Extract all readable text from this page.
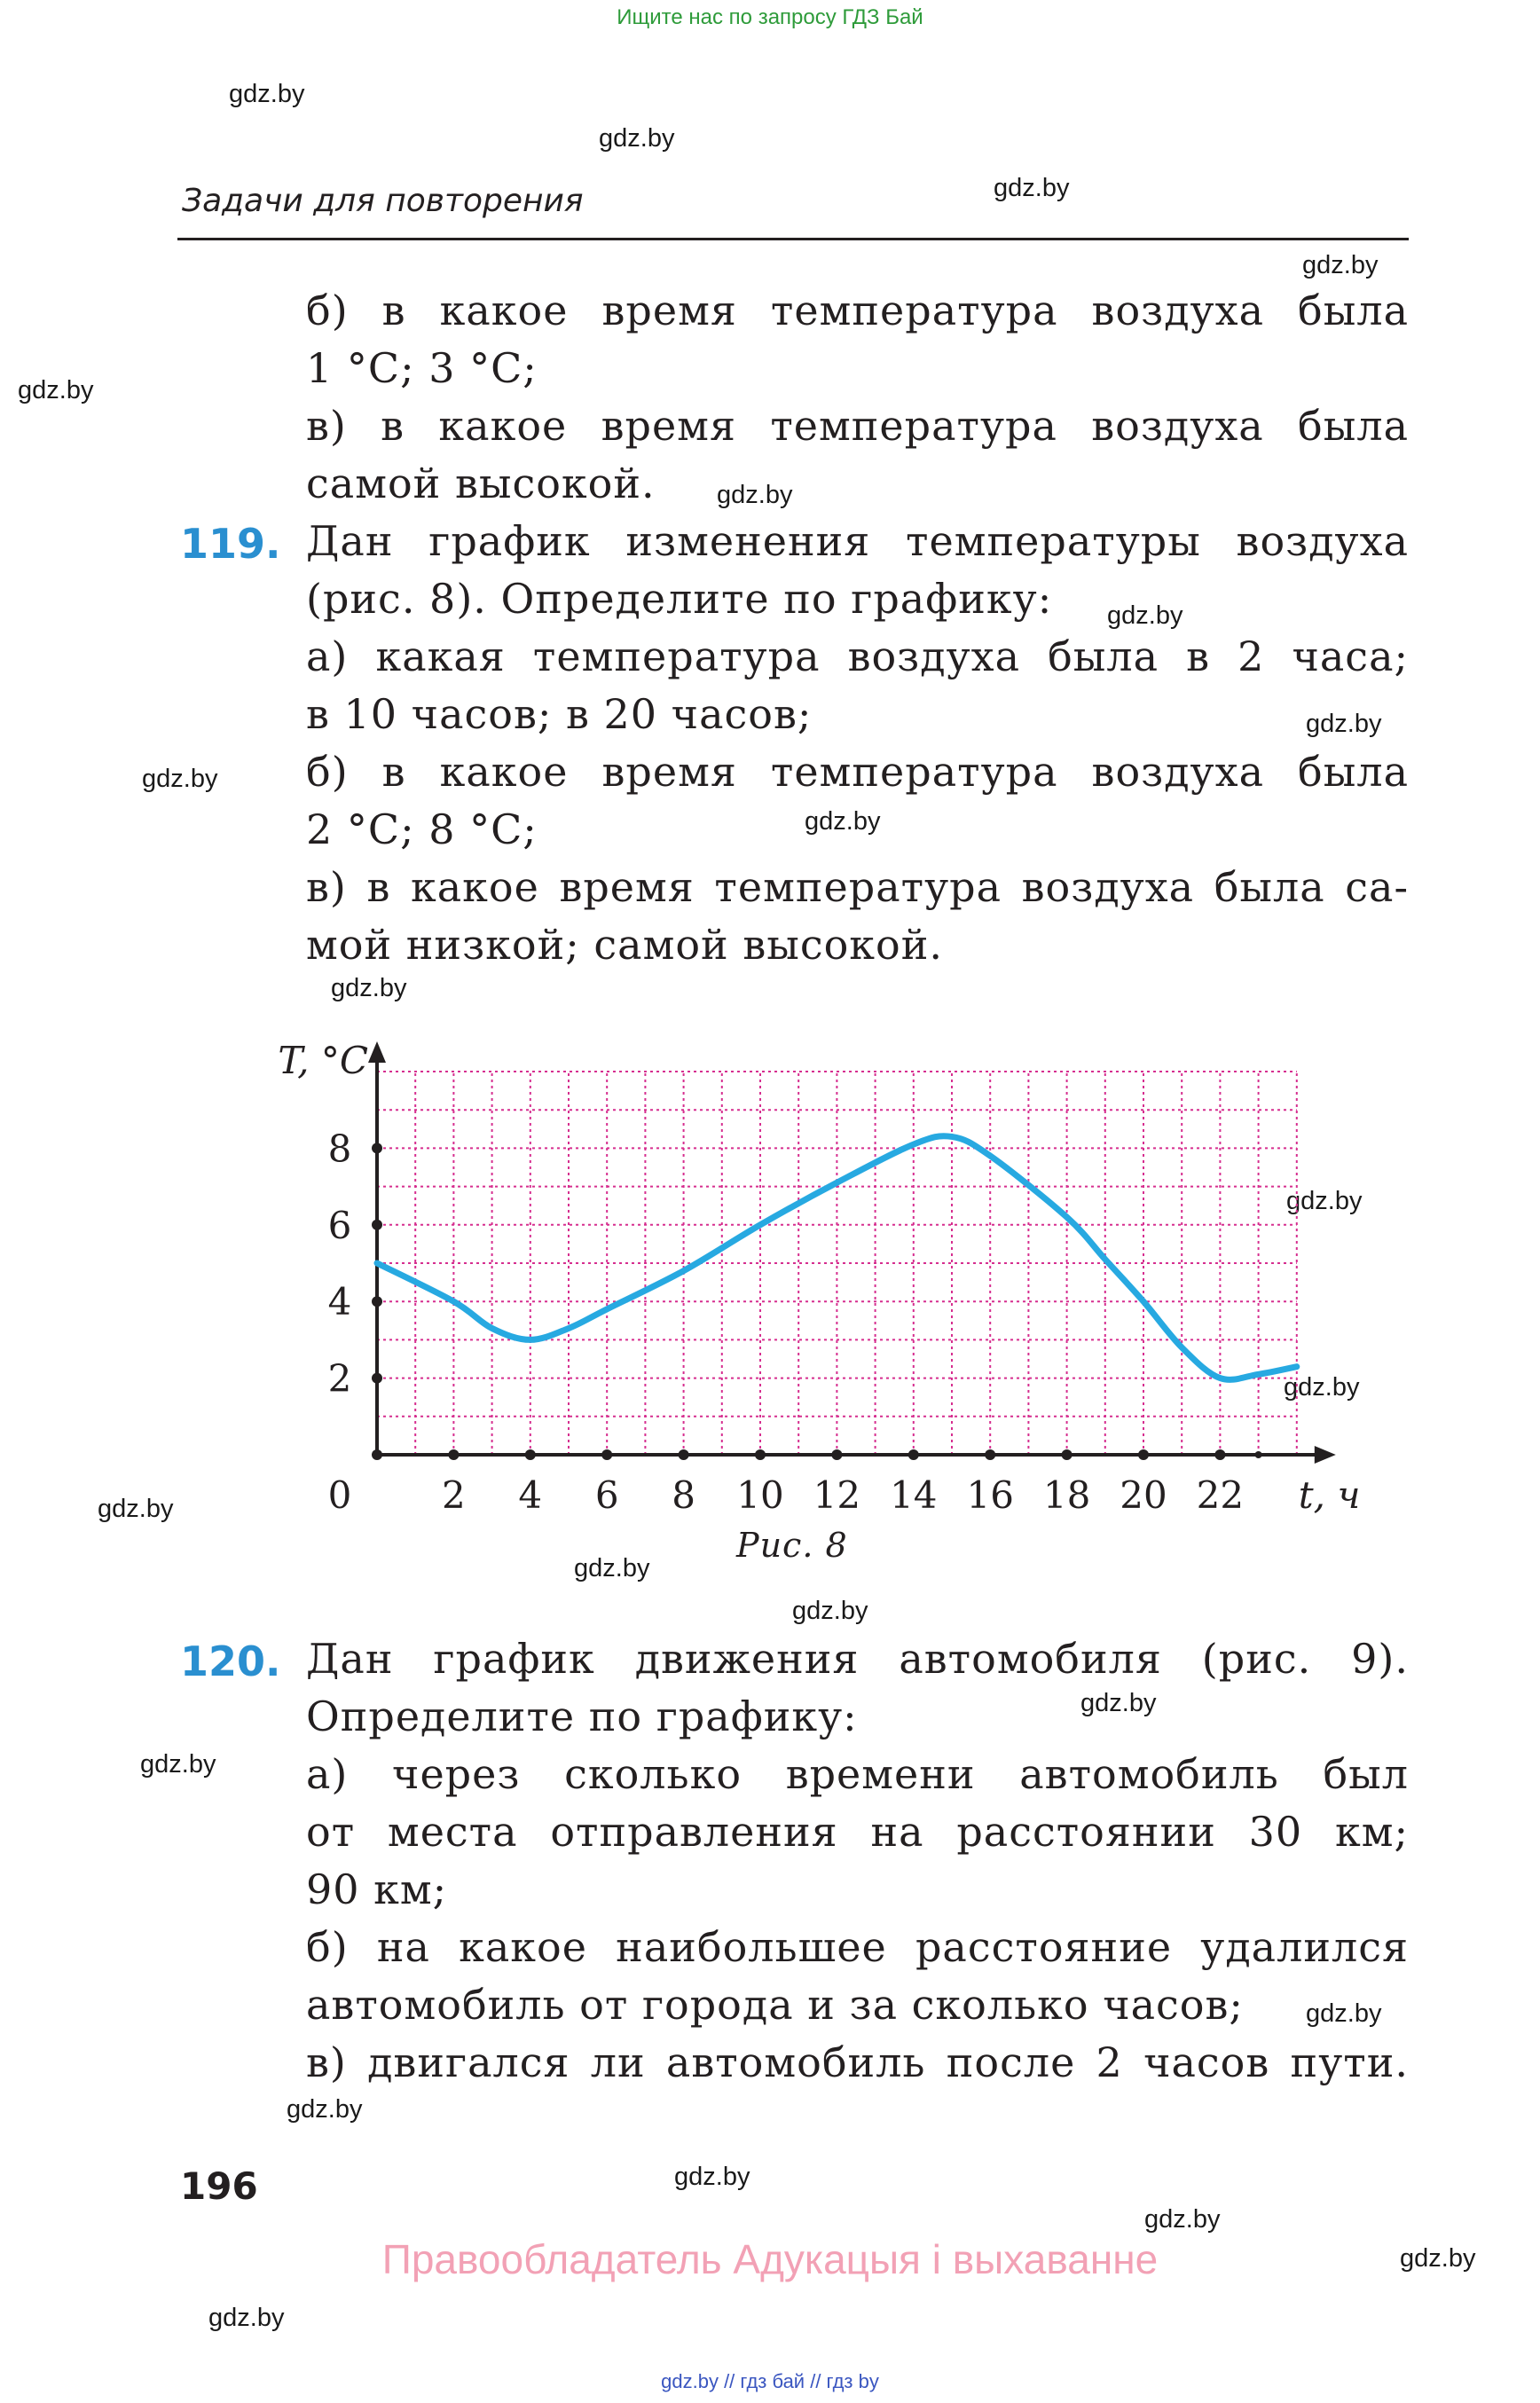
Ищите нас по запросу ГДЗ Бай
gdz.by
gdz.by
gdz.by
gdz.by
gdz.by
gdz.by
gdz.by
gdz.by
gdz.by
gdz.by
gdz.by
gdz.by
gdz.by
gdz.by
gdz.by
gdz.by
gdz.by
gdz.by
gdz.by
gdz.by
gdz.by
gdz.by
gdz.by
gdz.by
Задачи для повторения

б) в какое время температура воздуха была

1 °С; 3 °С;

в) в какое время температура воздуха была

самой высокой.

119. Дан график изменения температуры воздуха

(рис. 8). Определите по графику:

а) какая температура воздуха была в 2 часа;

в 10 часов; в 20 часов;

б) в какое время температура воздуха была

2 °С; 8 °С;

в) в какое время температура воздуха была са-

мой низкой; самой высокой.

2 4 6 8 10 12 14 16 18 20 22
0
2
4
6
8
T, °С
t, ч
Рис. 8
120. Дан график движения автомобиля (рис. 9).

Определите по графику:

а) через сколько времени автомобиль был

от места отправления на расстоянии 30 км;

90 км;

б) на какое наибольшее расстояние удалился

автомобиль от города и за сколько часов;

в) двигался ли автомобиль после 2 часов пути.

196
Правообладатель Адукацыя і выхаванне
gdz.by // гдз бай // гдз by
